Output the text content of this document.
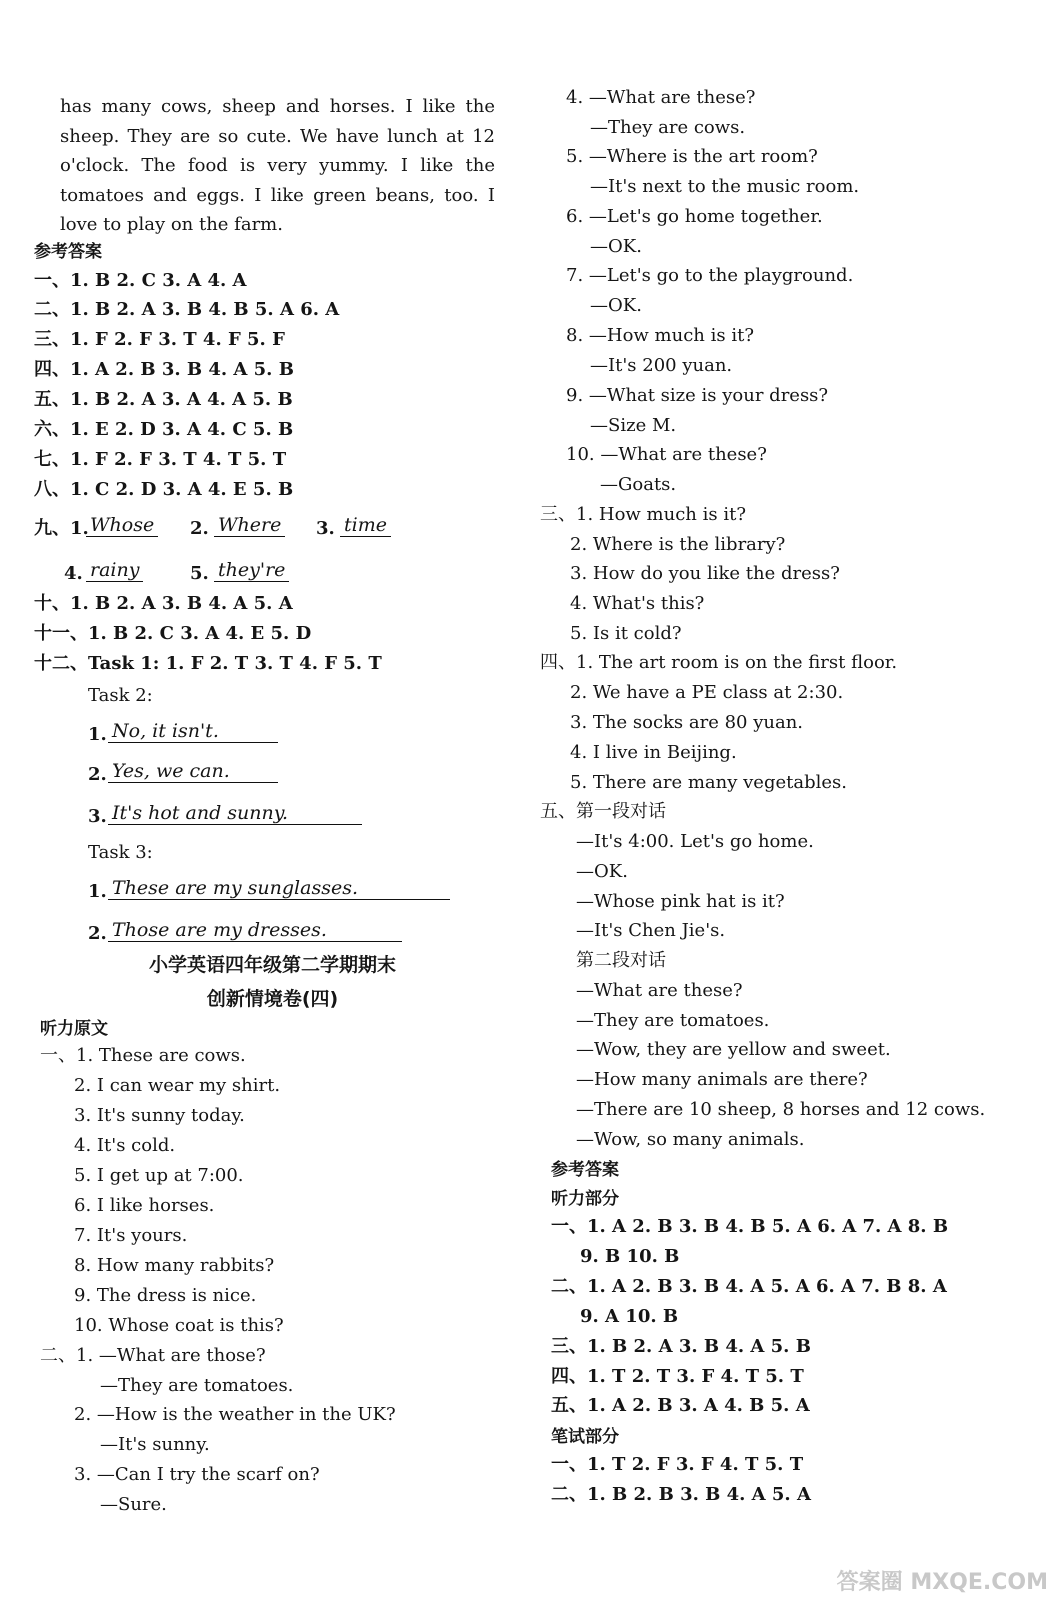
has many cows, sheep and horses. I like the sheep. They are so cute. We have lunch at 12 o'clock. The food is very yummy. I like the tomatoes and eggs. I like green beans, too. I love to play on the farm.
参考答案
一、1. B 2. C 3. A 4. A
二、1. B 2. A 3. B 4. B 5. A 6. A
三、1. F 2. F 3. T 4. F 5. F
四、1. A 2. B 3. B 4. A 5. B
五、1. B 2. A 3. A 4. A 5. B
六、1. E 2. D 3. A 4. C 5. B
七、1. F 2. F 3. T 4. T 5. T
八、1. C 2. D 3. A 4. E 5. B
九、1. Whose 2. Where 3. time
4. rainy	5. they're
十、1. B 2. A 3. B 4. A 5. A
十一、1. B 2. C 3. A 4. E 5. D
十二、Task 1: 1. F 2. T 3. T 4. F 5. T
Task 2:
1. No, it isn't.
2. Yes, we can.
3. It's hot and sunny.
Task 3:
1. These are my sunglasses.
2. Those are my dresses.
小学英语四年级第二学期期末
创新情境卷(四)
听力原文
一、1. These are cows.
2. I can wear my shirt.
3. It's sunny today.
4. It's cold.
5. I get up at 7:00.
6. I like horses.
7. It's yours.
8. How many rabbits?
9. The dress is nice.
10. Whose coat is this?
二、1. —What are those?
—They are tomatoes.
2. —How is the weather in the UK?
—It's sunny.
3. —Can I try the scarf on?
—Sure.
4. —What are these?
—They are cows.
5. —Where is the art room?
—It's next to the music room.
6. —Let's go home together.
—OK.
7. —Let's go to the playground.
—OK.
8. —How much is it?
—It's 200 yuan.
9. —What size is your dress?
—Size M.
10. —What are these?
—Goats.
三、1. How much is it?
2. Where is the library?
3. How do you like the dress?
4. What's this?
5. Is it cold?
四、1. The art room is on the first floor.
2. We have a PE class at 2:30.
3. The socks are 80 yuan.
4. I live in Beijing.
5. There are many vegetables.
五、第一段对话
—It's 4:00. Let's go home.
—OK.
—Whose pink hat is it?
—It's Chen Jie's.
第二段对话
—What are these?
—They are tomatoes.
—Wow, they are yellow and sweet.
—How many animals are there?
—There are 10 sheep, 8 horses and 12 cows.
—Wow, so many animals.
参考答案
听力部分
一、1. A 2. B 3. B 4. B 5. A 6. A 7. A 8. B
9. B 10. B
二、1. A 2. B 3. B 4. A 5. A 6. A 7. B 8. A
9. A 10. B
三、1. B 2. A 3. B 4. A 5. B
四、1. T 2. T 3. F 4. T 5. T
五、1. A 2. B 3. A 4. B 5. A
笔试部分
一、1. T 2. F 3. F 4. T 5. T
二、1. B 2. B 3. B 4. A 5. A
答案圈 MXQE.COM
